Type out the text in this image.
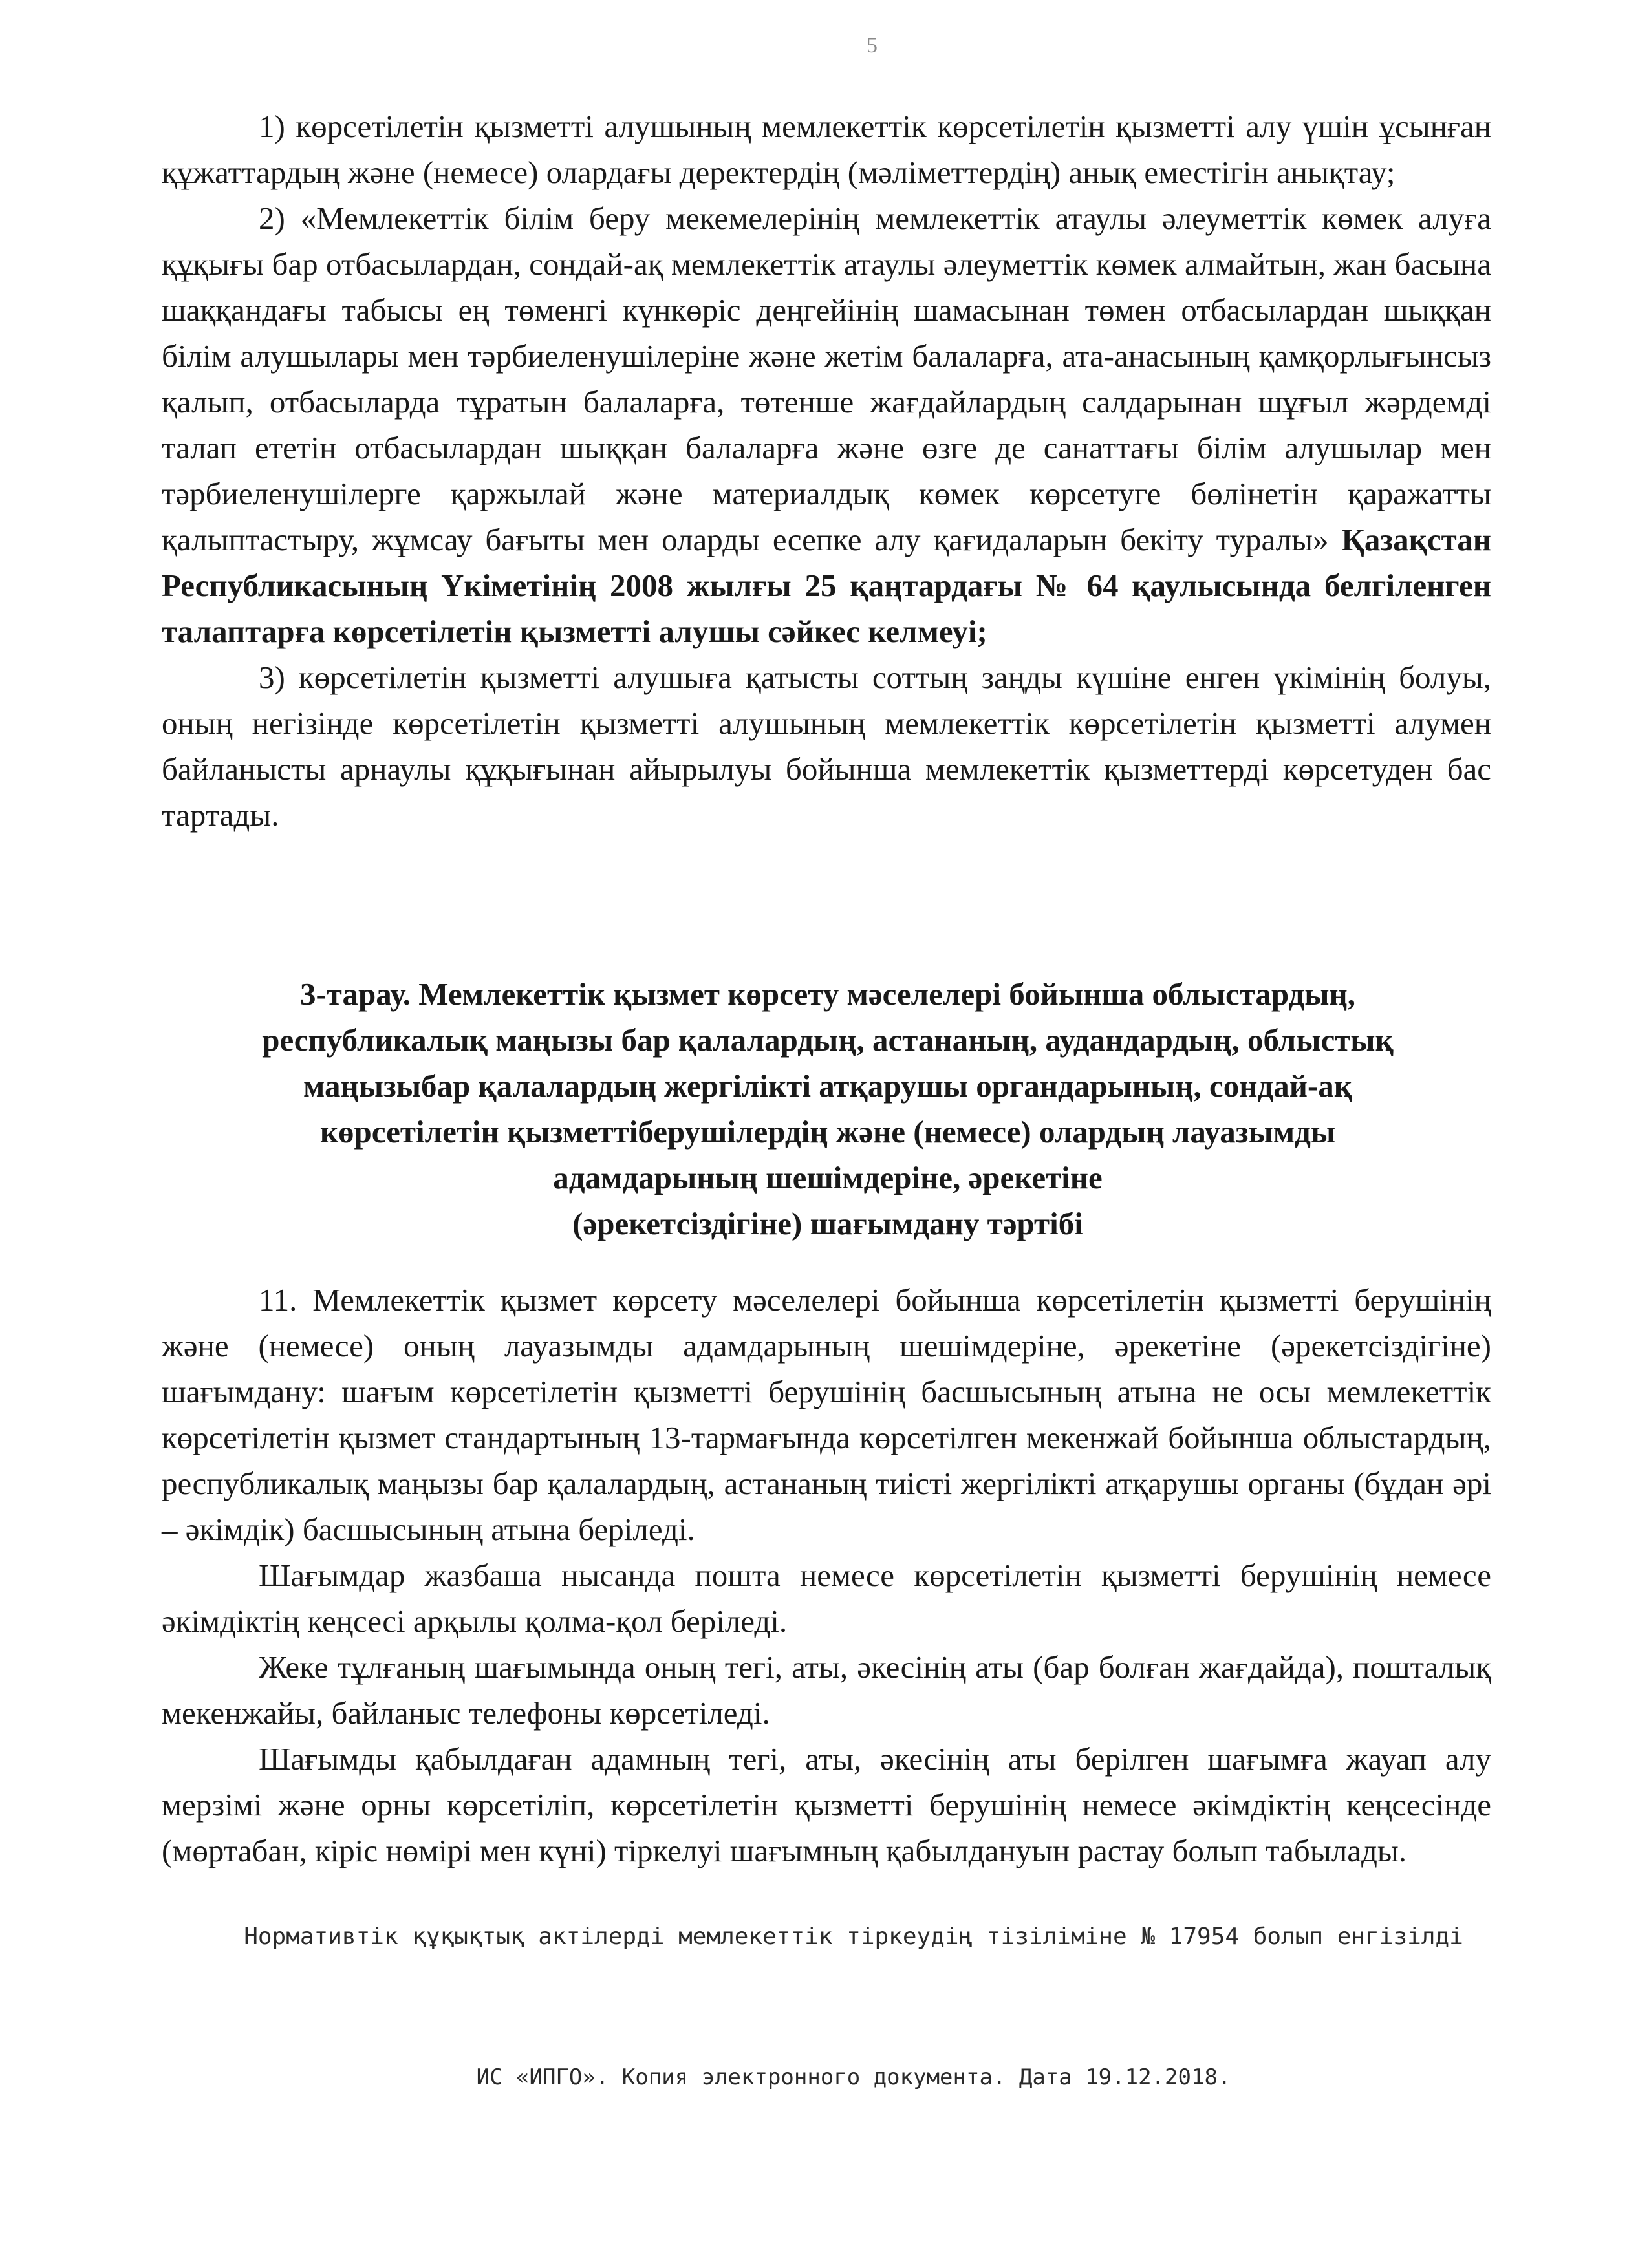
5

1) көрсетілетін қызметті алушының мемлекеттік көрсетілетін қызметті алу үшін ұсынған құжаттардың және (немесе) олардағы деректердің (мәліметтердің) анық еместігін анықтау;

2) «Мемлекеттік білім беру мекемелерінің мемлекеттік атаулы әлеуметтік көмек алуға құқығы бар отбасылардан, сондай-ақ мемлекеттік атаулы әлеуметтік көмек алмайтын, жан басына шаққандағы табысы ең төменгі күнкөріс деңгейінің шамасынан төмен отбасылардан шыққан білім алушылары мен тәрбиеленушілеріне және жетім балаларға, ата-анасының қамқорлығынсыз қалып, отбасыларда тұратын балаларға, төтенше жағдайлардың салдарынан шұғыл жәрдемді талап ететін отбасылардан шыққан балаларға және өзге де санаттағы білім алушылар мен тәрбиеленушілерге қаржылай және материалдық көмек көрсетуге бөлінетін қаражатты қалыптастыру, жұмсау бағыты мен оларды есепке алу қағидаларын бекіту туралы» Қазақстан Республикасының Үкіметінің 2008 жылғы 25 қаңтардағы № 64 қаулысында белгіленген талаптарға көрсетілетін қызметті алушы сәйкес келмеуі;

3) көрсетілетін қызметті алушыға қатысты соттың заңды күшіне енген үкімінің болуы, оның негізінде көрсетілетін қызметті алушының мемлекеттік көрсетілетін қызметті алумен байланысты арнаулы құқығынан айырылуы бойынша мемлекеттік қызметтерді көрсетуден бас тартады.

3-тарау. Мемлекеттік қызмет көрсету мәселелері бойынша облыстардың,
республикалық маңызы бар қалалардың, астананың, аудандардың, облыстық
маңызыбар қалалардың жергілікті атқарушы органдарының, сондай-ақ
көрсетілетін қызметтіберушілердің және (немесе) олардың лауазымды
адамдарының шешімдеріне, әрекетіне
(әрекетсіздігіне) шағымдану тәртібі

11. Мемлекеттік қызмет көрсету мәселелері бойынша көрсетілетін қызметті берушінің және (немесе) оның лауазымды адамдарының шешімдеріне, әрекетіне (әрекетсіздігіне) шағымдану: шағым көрсетілетін қызметті берушінің басшысының атына не осы мемлекеттік көрсетілетін қызмет стандартының 13-тармағында көрсетілген мекенжай бойынша облыстардың, республикалық маңызы бар қалалардың, астананың тиісті жергілікті атқарушы органы (бұдан әрі – әкімдік) басшысының атына беріледі.

Шағымдар жазбаша нысанда пошта немесе көрсетілетін қызметті берушінің немесе әкімдіктің кеңсесі арқылы қолма-қол беріледі.

Жеке тұлғаның шағымында оның тегі, аты, әкесінің аты (бар болған жағдайда), пошталық мекенжайы, байланыс телефоны көрсетіледі.

Шағымды қабылдаған адамның тегі, аты, әкесінің аты берілген шағымға жауап алу мерзімі және орны көрсетіліп, көрсетілетін қызметті берушінің немесе әкімдіктің кеңсесінде (мөртабан, кіріс нөмірі мен күні) тіркелуі шағымның қабылдануын растау болып табылады.

Нормативтік құқықтық актілерді мемлекеттік тіркеудің тізіліміне № 17954 болып енгізілді
ИС «ИПГО». Копия электронного документа. Дата 19.12.2018.
